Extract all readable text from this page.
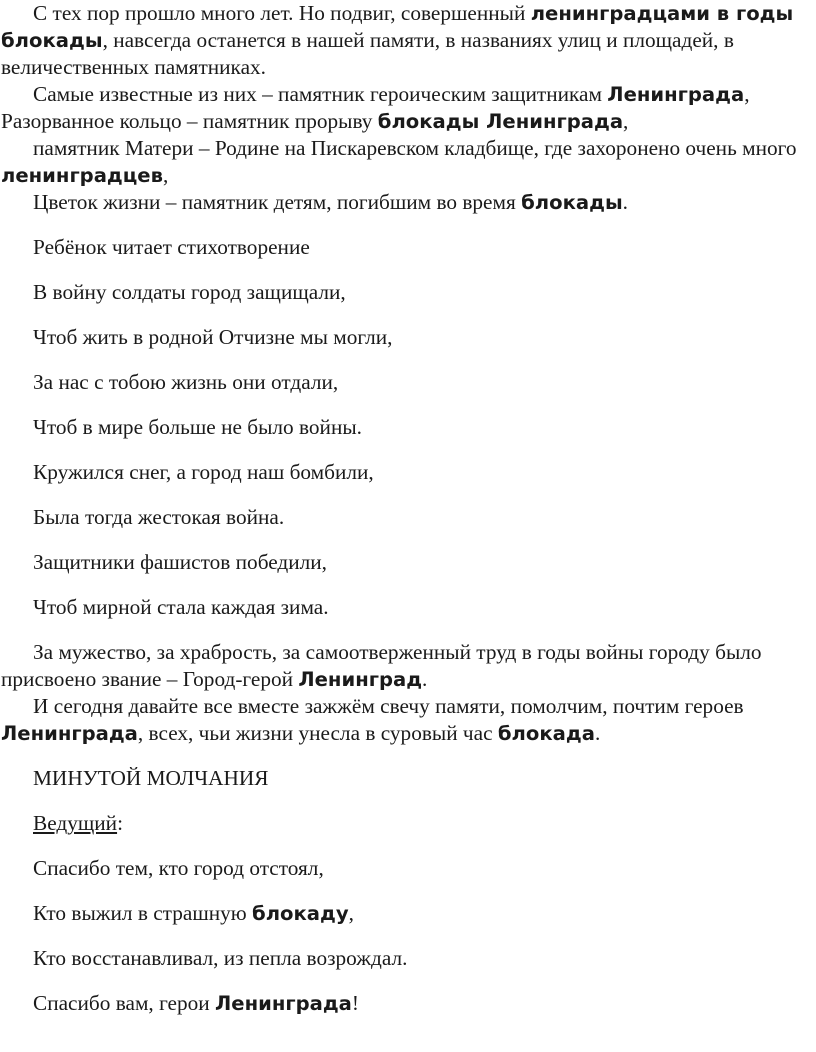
С тех пор прошло много лет. Но подвиг, совершенный ленинградцами в годы блокады, навсегда останется в нашей памяти, в названиях улиц и площадей, в величественных памятниках.

Самые известные из них – памятник героическим защитникам Ленинграда, Разорванное кольцо – памятник прорыву блокады Ленинграда,

памятник Матери – Родине на Пискаревском кладбище, где захоронено очень много ленинградцев,

Цветок жизни – памятник детям, погибшим во время блокады.

Ребёнок читает стихотворение

В войну солдаты город защищали,

Чтоб жить в родной Отчизне мы могли,

За нас с тобою жизнь они отдали,

Чтоб в мире больше не было войны.

Кружился снег, а город наш бомбили,

Была тогда жестокая война.

Защитники фашистов победили,

Чтоб мирной стала каждая зима.

За мужество, за храбрость, за самоотверженный труд в годы войны городу было присвоено звание – Город-герой Ленинград.

И сегодня давайте все вместе зажжём свечу памяти, помолчим, почтим героев Ленинграда, всех, чьи жизни унесла в суровый час блокада.

МИНУТОЙ МОЛЧАНИЯ

Ведущий:

Спасибо тем, кто город отстоял,

Кто выжил в страшную блокаду,

Кто восстанавливал, из пепла возрождал.

Спасибо вам, герои Ленинграда!
